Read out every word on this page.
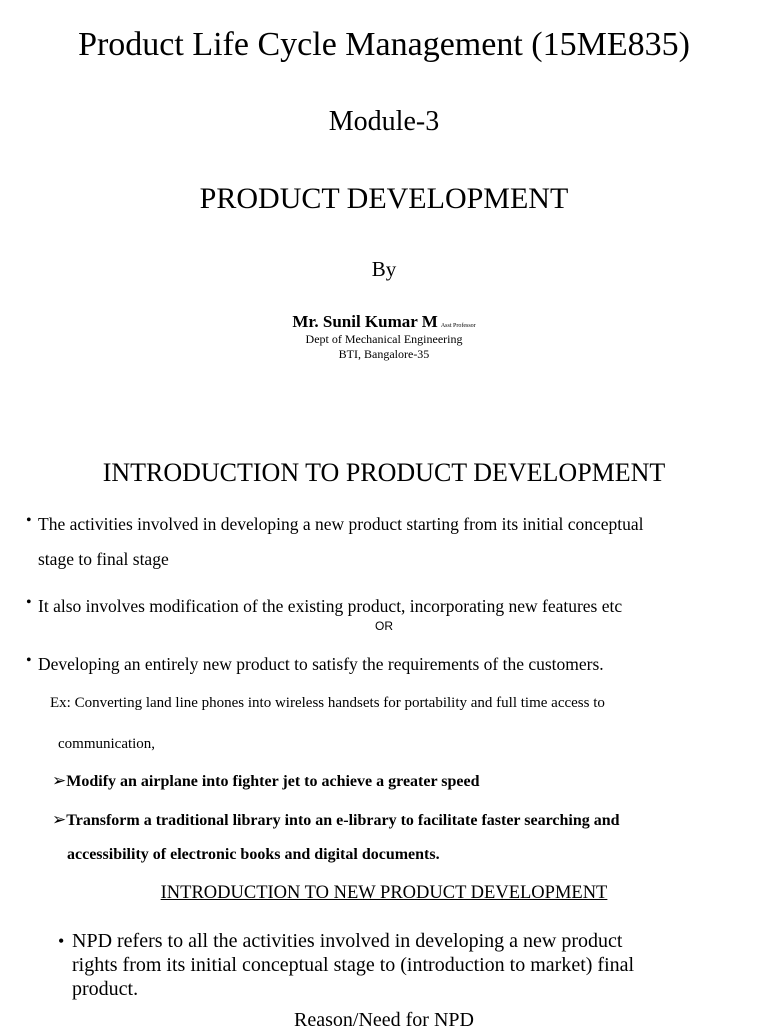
Product Life Cycle Management (15ME835)
Module-3
PRODUCT DEVELOPMENT
By
Mr. Sunil Kumar M Asst Professor
Dept of Mechanical Engineering
BTI, Bangalore-35
INTRODUCTION TO PRODUCT DEVELOPMENT
• The activities involved in developing a new product starting from its initial conceptual
stage to final stage
• It also involves modification of the existing product, incorporating new features etc
OR
• Developing an entirely new product to satisfy the requirements of the customers.
Ex: Converting land line phones into wireless handsets for portability and full time access to
communication,
➢Modify an airplane into fighter jet to achieve a greater speed
➢Transform a traditional library into an e-library to facilitate faster searching and
accessibility of electronic books and digital documents.
INTRODUCTION TO NEW PRODUCT DEVELOPMENT
• NPD refers to all the activities involved in developing a new product
rights from its initial conceptual stage to (introduction to market) final
product.
Reason/Need for NPD
